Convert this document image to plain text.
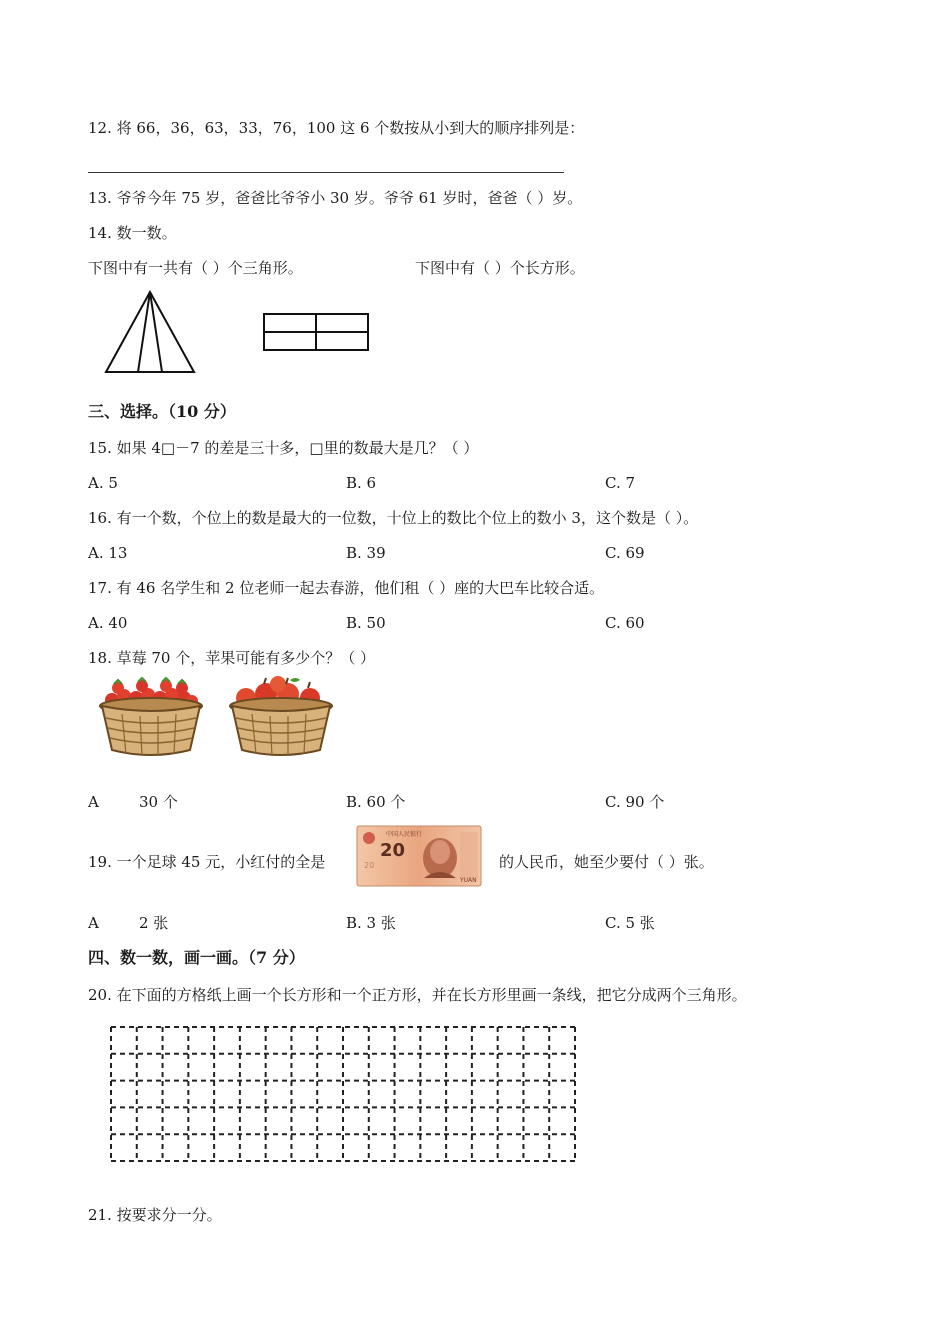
12. 将 66，36，63，33，76，100 这 6 个数按从小到大的顺序排列是：
13. 爷爷今年 75 岁，爸爸比爷爷小 30 岁。爷爷 61 岁时，爸爸（ ）岁。
14. 数一数。
下图中有一共有（ ）个三角形。	下图中有（ ）个长方形。
三、选择。（10 分）
15. 如果 4□－7 的差是三十多，□里的数最大是几？（ ）
A. 5	B. 6	C. 7
16. 有一个数，个位上的数是最大的一位数，十位上的数比个位上的数小 3，这个数是（ ）。
A. 13	B. 39	C. 69
17. 有 46 名学生和 2 位老师一起去春游，他们租（ ）座的大巴车比较合适。
A. 40	B. 50	C. 60
18. 草莓 70 个，苹果可能有多少个？（ ）
A	30 个	B. 60 个	C. 90 个
19. 一个足球 45 元，小红付的全是
中国人民银行
20
YUAN
20
的人民币，她至少要付（ ）张。
A	2 张	B. 3 张	C. 5 张
四、数一数，画一画。（7 分）
20. 在下面的方格纸上画一个长方形和一个正方形，并在长方形里画一条线，把它分成两个三角形。
21. 按要求分一分。
